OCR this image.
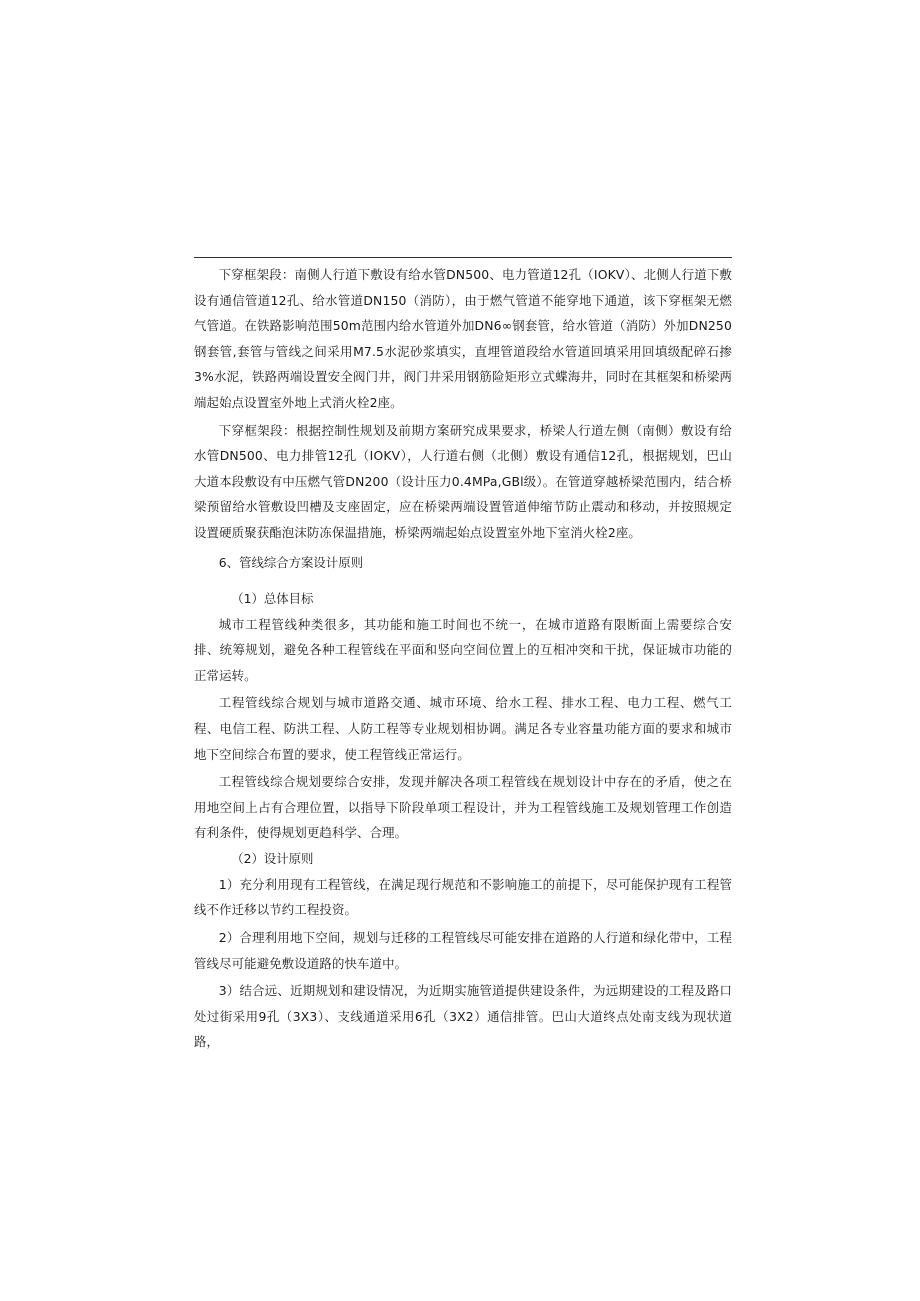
下穿框架段：南侧人行道下敷设有给水管DN500、电力管道12孔（IOKV）、北侧人行道下敷设有通信管道12孔、给水管道DN150（消防），由于燃气管道不能穿地下通道，该下穿框架无燃气管道。在铁路影响范围50m范围内给水管道外加DN6∞钢套管，给水管道（消防）外加DN250钢套管,套管与管线之间采用M7.5水泥砂浆填实，直埋管道段给水管道回填采用回填级配碎石掺3%水泥，铁路两端设置安全阀门井，阀门井采用钢筋险矩形立式蝶海井，同时在其框架和桥梁两端起始点设置室外地上式消火栓2座。

下穿框架段：根据控制性规划及前期方案研究成果要求，桥梁人行道左侧（南侧）敷设有给水管DN500、电力排管12孔（IOKV），人行道右侧（北侧）敷设有通信12孔，根据规划，巴山大道本段敷设有中压燃气管DN200（设计压力0.4MPa,GBl级）。在管道穿越桥梁范围内，结合桥梁预留给水管敷设凹槽及支座固定，应在桥梁两端设置管道伸缩节防止震动和移动，并按照规定设置硬质聚获酯泡沫防冻保温措施，桥梁两端起始点设置室外地下室消火栓2座。

6、管线综合方案设计原则

（1）总体目标

城市工程管线种类很多，其功能和施工时间也不统一，在城市道路有限断面上需要综合安排、统筹规划，避免各种工程管线在平面和竖向空间位置上的互相冲突和干扰，保证城市功能的正常运转。

工程管线综合规划与城市道路交通、城市环境、给水工程、排水工程、电力工程、燃气工程、电信工程、防洪工程、人防工程等专业规划相协调。满足各专业容量功能方面的要求和城市地下空间综合布置的要求，使工程管线正常运行。

工程管线综合规划要综合安排，发现并解决各项工程管线在规划设计中存在的矛盾，使之在用地空间上占有合理位置，以指导下阶段单项工程设计，并为工程管线施工及规划管理工作创造有利条件，使得规划更趋科学、合理。

（2）设计原则

1）充分利用现有工程管线，在满足现行规范和不影响施工的前提下，尽可能保护现有工程管线不作迁移以节约工程投资。

2）合理利用地下空间，规划与迁移的工程管线尽可能安排在道路的人行道和绿化带中，工程管线尽可能避免敷设道路的快车道中。

3）结合远、近期规划和建设情况，为近期实施管道提供建设条件，为远期建设的工程及路口处过街采用9孔（3X3）、支线通道采用6孔（3X2）通信排管。巴山大道终点处南支线为现状道路，
